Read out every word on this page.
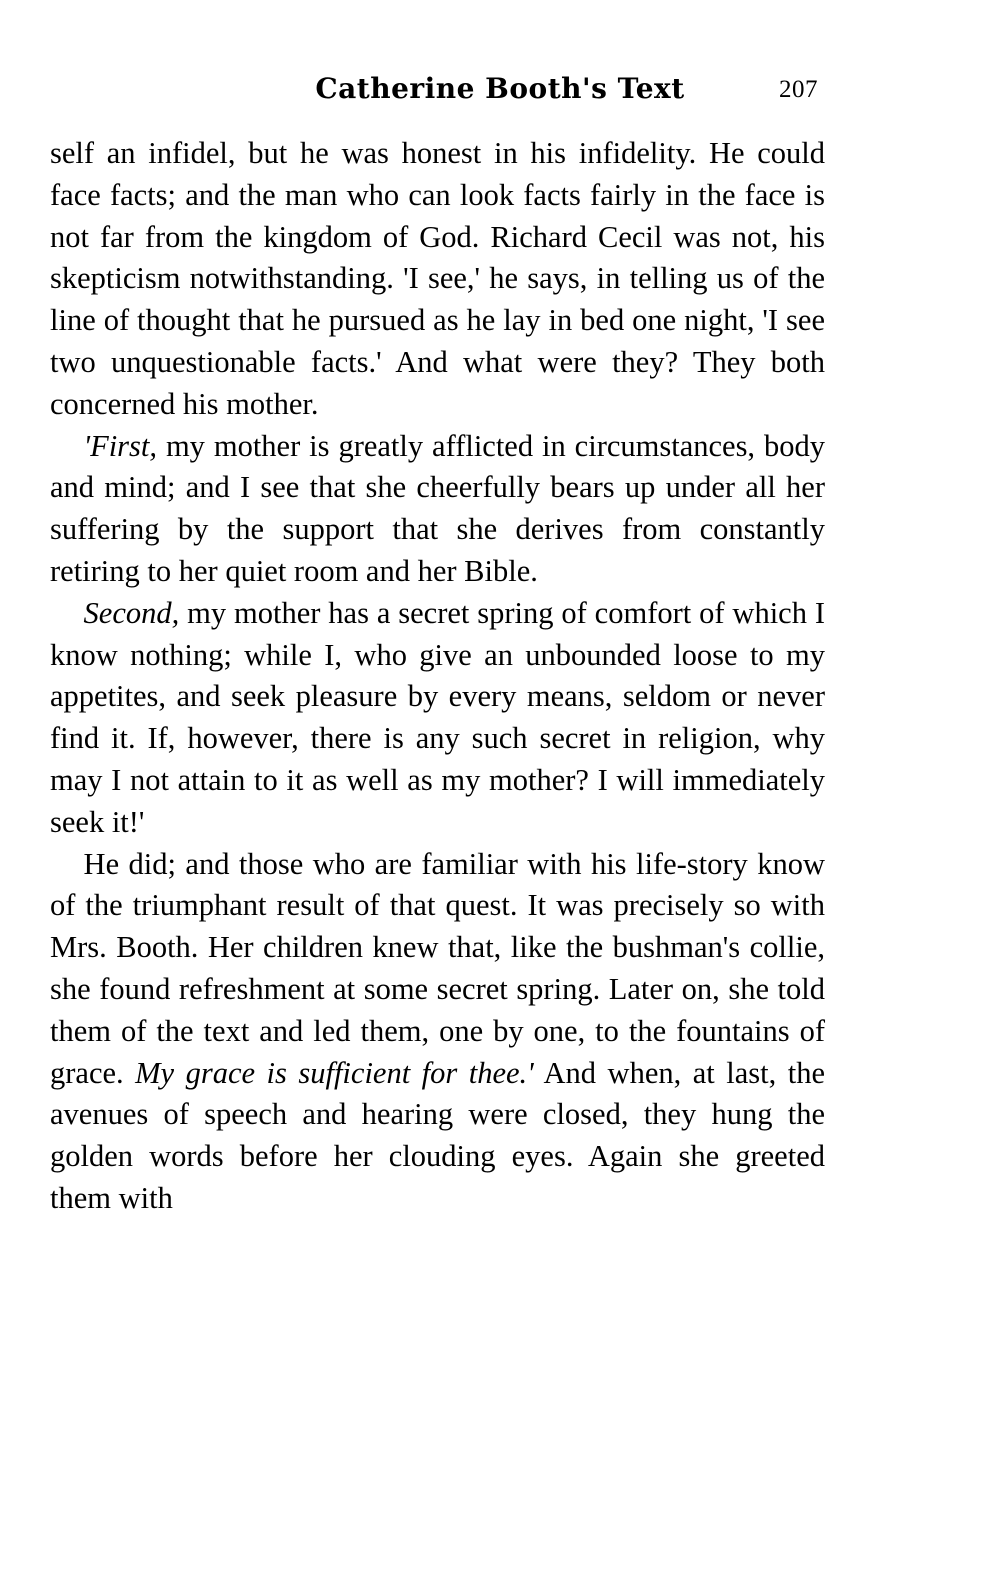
Catherine Booth's Text	207

self an infidel, but he was honest in his infidelity. He could face facts; and the man who can look facts fairly in the face is not far from the kingdom of God. Richard Cecil was not, his skepticism notwithstanding. 'I see,' he says, in telling us of the line of thought that he pursued as he lay in bed one night, 'I see two unquestionable facts.' And what were they? They both concerned his mother.

'First, my mother is greatly afflicted in circumstances, body and mind; and I see that she cheerfully bears up under all her suffering by the support that she derives from constantly retiring to her quiet room and her Bible.

Second, my mother has a secret spring of comfort of which I know nothing; while I, who give an unbounded loose to my appetites, and seek pleasure by every means, seldom or never find it. If, however, there is any such secret in religion, why may I not attain to it as well as my mother? I will immediately seek it!'

He did; and those who are familiar with his life-story know of the triumphant result of that quest. It was precisely so with Mrs. Booth. Her children knew that, like the bushman's collie, she found refreshment at some secret spring. Later on, she told them of the text and led them, one by one, to the fountains of grace. My grace is sufficient for thee.' And when, at last, the avenues of speech and hearing were closed, they hung the golden words before her clouding eyes. Again she greeted them with
